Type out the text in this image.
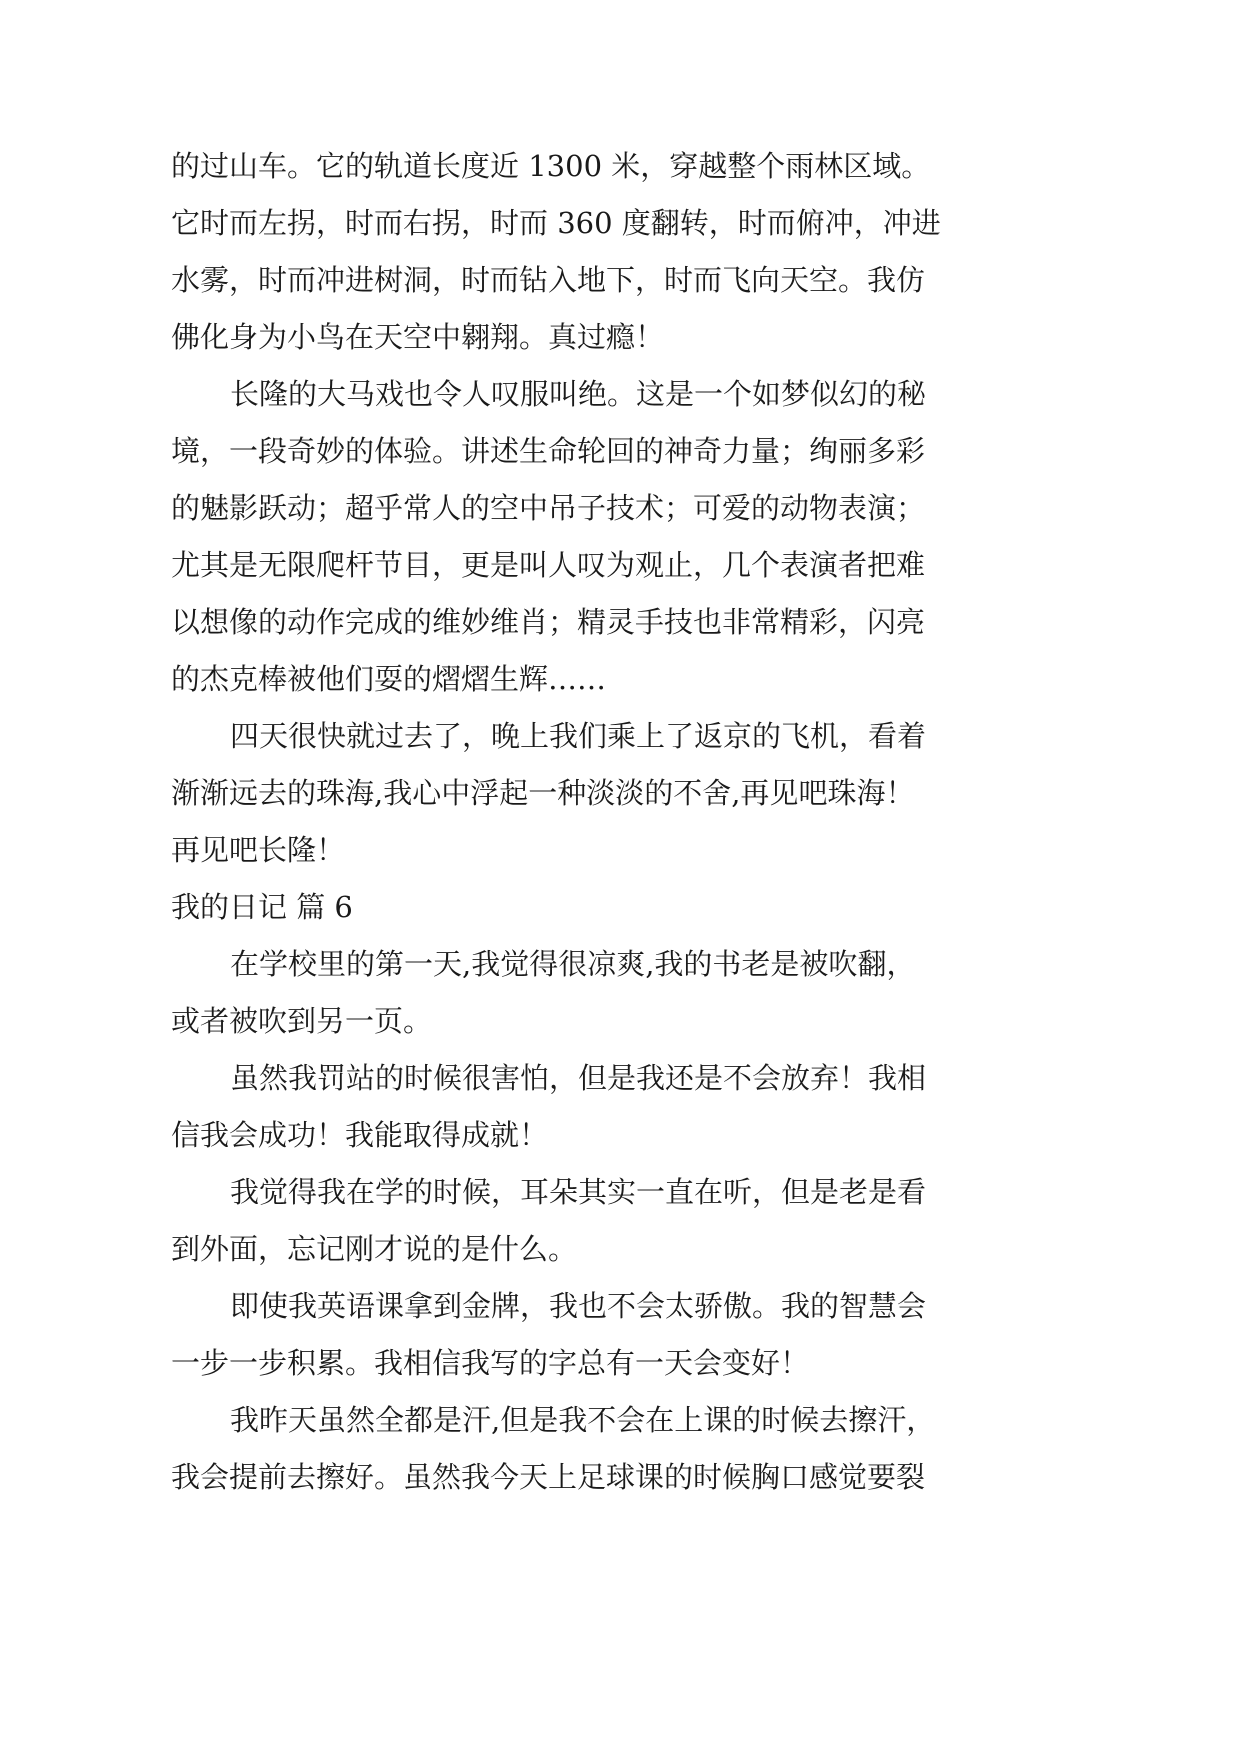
的过山车。它的轨道长度近 1300 米，穿越整个雨林区域。
它时而左拐，时而右拐，时而 360 度翻转，时而俯冲，冲进
水雾，时而冲进树洞，时而钻入地下，时而飞向天空。我仿
佛化身为小鸟在天空中翱翔。真过瘾！
长隆的大马戏也令人叹服叫绝。这是一个如梦似幻的秘
境，一段奇妙的体验。讲述生命轮回的神奇力量；绚丽多彩
的魅影跃动；超乎常人的空中吊子技术；可爱的动物表演；
尤其是无限爬杆节目，更是叫人叹为观止，几个表演者把难
以想像的动作完成的维妙维肖；精灵手技也非常精彩，闪亮
的杰克棒被他们耍的熠熠生辉……
四天很快就过去了，晚上我们乘上了返京的飞机，看着
渐渐远去的珠海,我心中浮起一种淡淡的不舍,再见吧珠海！
再见吧长隆！
我的日记 篇 6
在学校里的第一天,我觉得很凉爽,我的书老是被吹翻，
或者被吹到另一页。
虽然我罚站的时候很害怕，但是我还是不会放弃！我相
信我会成功！我能取得成就！
我觉得我在学的时候，耳朵其实一直在听，但是老是看
到外面，忘记刚才说的是什么。
即使我英语课拿到金牌，我也不会太骄傲。我的智慧会
一步一步积累。我相信我写的字总有一天会变好！
我昨天虽然全都是汗,但是我不会在上课的时候去擦汗，
我会提前去擦好。虽然我今天上足球课的时候胸口感觉要裂
